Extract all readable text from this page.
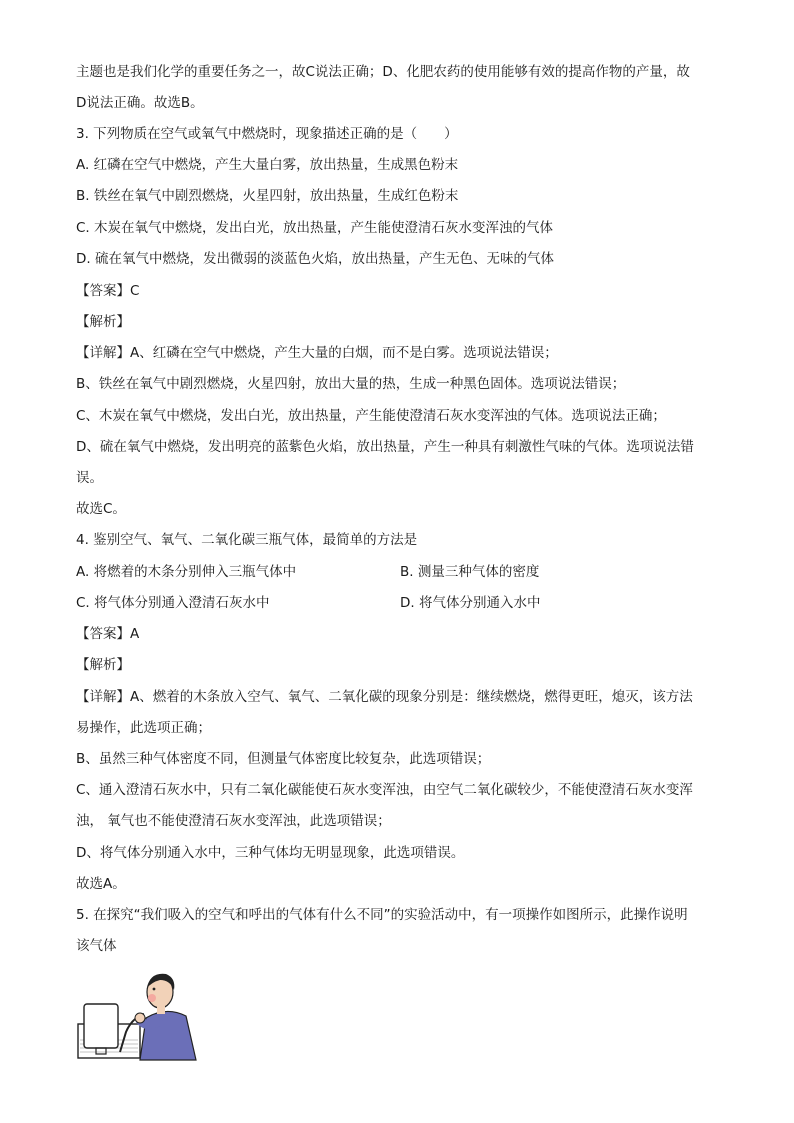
主题也是我们化学的重要任务之一，故C说法正确；D、化肥农药的使用能够有效的提高作物的产量，故
D说法正确。故选B。
3. 下列物质在空气或氧气中燃烧时，现象描述正确的是（　　）
A. 红磷在空气中燃烧，产生大量白雾，放出热量，生成黑色粉末
B. 铁丝在氧气中剧烈燃烧，火星四射，放出热量，生成红色粉末
C. 木炭在氧气中燃烧，发出白光，放出热量，产生能使澄清石灰水变浑浊的气体
D. 硫在氧气中燃烧，发出微弱的淡蓝色火焰，放出热量，产生无色、无味的气体
【答案】C
【解析】
【详解】A、红磷在空气中燃烧，产生大量的白烟，而不是白雾。选项说法错误；
B、铁丝在氧气中剧烈燃烧，火星四射，放出大量的热，生成一种黑色固体。选项说法错误；
C、木炭在氧气中燃烧，发出白光，放出热量，产生能使澄清石灰水变浑浊的气体。选项说法正确；
D、硫在氧气中燃烧，发出明亮的蓝紫色火焰，放出热量，产生一种具有刺激性气味的气体。选项说法错
误。
故选C。
4. 鉴别空气、氧气、二氧化碳三瓶气体，最简单的方法是
A. 将燃着的木条分别伸入三瓶气体中	B. 测量三种气体的密度
C. 将气体分别通入澄清石灰水中	D. 将气体分别通入水中
【答案】A
【解析】
【详解】A、燃着的木条放入空气、氧气、二氧化碳的现象分别是：继续燃烧，燃得更旺，熄灭，该方法
易操作，此选项正确；
B、虽然三种气体密度不同，但测量气体密度比较复杂，此选项错误；
C、通入澄清石灰水中，只有二氧化碳能使石灰水变浑浊，由空气二氧化碳较少，不能使澄清石灰水变浑
浊， 氧气也不能使澄清石灰水变浑浊，此选项错误；
D、将气体分别通入水中，三种气体均无明显现象，此选项错误。
故选A。
5. 在探究“我们吸入的空气和呼出的气体有什么不同”的实验活动中，有一项操作如图所示，此操作说明
该气体
